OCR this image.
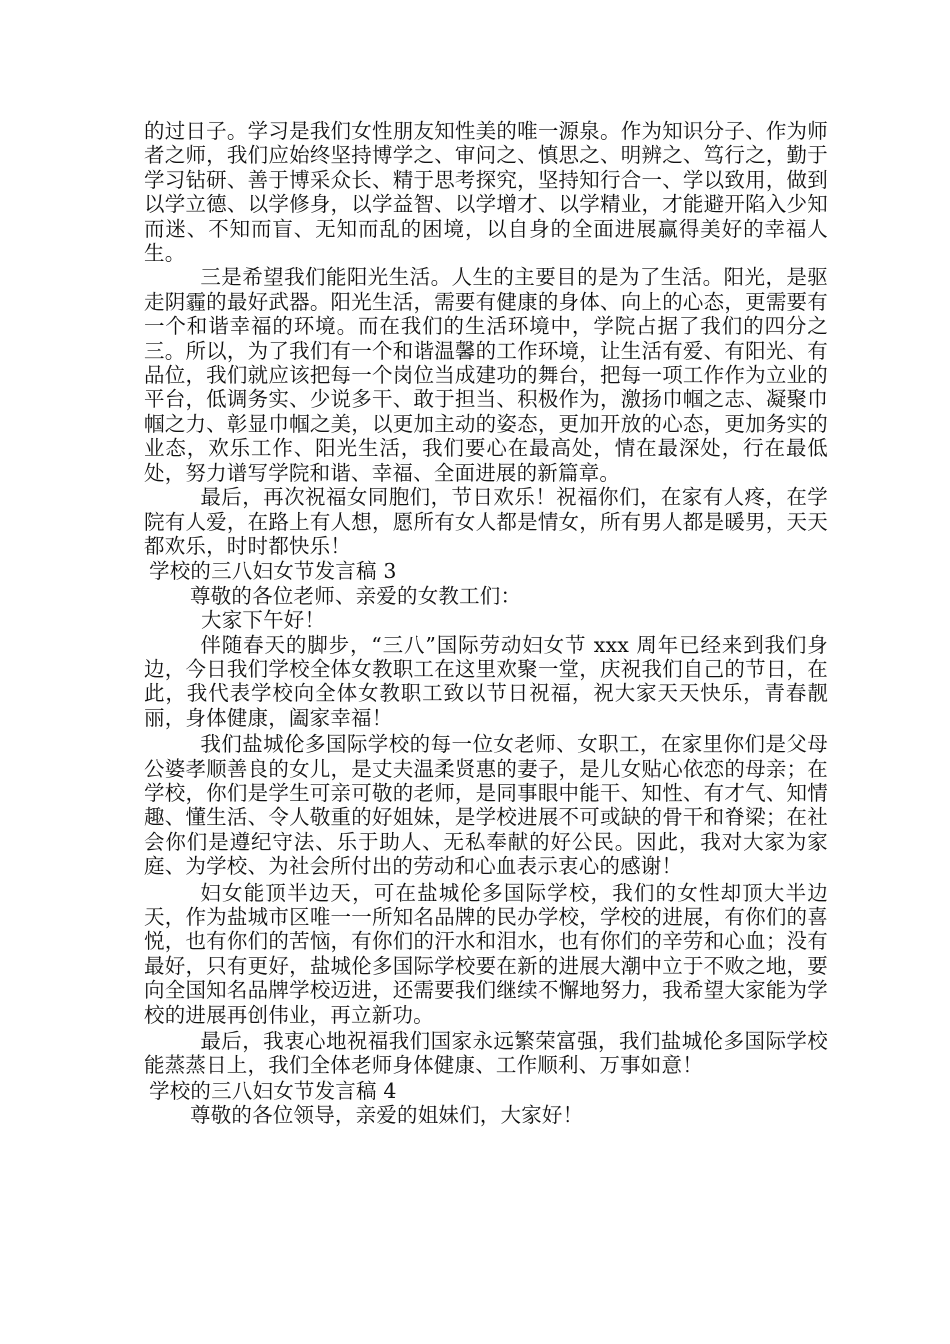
的过日子。学习是我们女性朋友知性美的唯一源泉。作为知识分子、作为师者之师，我们应始终坚持博学之、审问之、慎思之、明辨之、笃行之，勤于学习钻研、善于博采众长、精于思考探究，坚持知行合一、学以致用，做到以学立德、以学修身，以学益智、以学增才、以学精业，才能避开陷入少知而迷、不知而盲、无知而乱的困境，以自身的全面进展赢得美好的幸福人生。

三是希望我们能阳光生活。人生的主要目的是为了生活。阳光，是驱走阴霾的最好武器。阳光生活，需要有健康的身体、向上的心态，更需要有一个和谐幸福的环境。而在我们的生活环境中，学院占据了我们的四分之三。所以，为了我们有一个和谐温馨的工作环境，让生活有爱、有阳光、有品位，我们就应该把每一个岗位当成建功的舞台，把每一项工作作为立业的平台，低调务实、少说多干、敢于担当、积极作为，激扬巾帼之志、凝聚巾帼之力、彰显巾帼之美，以更加主动的姿态，更加开放的心态，更加务实的业态，欢乐工作、阳光生活，我们要心在最高处，情在最深处，行在最低处，努力谱写学院和谐、幸福、全面进展的新篇章。

最后，再次祝福女同胞们，节日欢乐！祝福你们，在家有人疼，在学院有人爱，在路上有人想，愿所有女人都是情女，所有男人都是暖男，天天都欢乐，时时都快乐！

学校的三八妇女节发言稿 3

尊敬的各位老师、亲爱的女教工们：

大家下午好！

伴随春天的脚步，“三八”国际劳动妇女节 xxx 周年已经来到我们身边，今日我们学校全体女教职工在这里欢聚一堂，庆祝我们自己的节日，在此，我代表学校向全体女教职工致以节日祝福，祝大家天天快乐，青春靓丽，身体健康，阖家幸福！

我们盐城伦多国际学校的每一位女老师、女职工，在家里你们是父母公婆孝顺善良的女儿，是丈夫温柔贤惠的妻子，是儿女贴心依恋的母亲；在学校，你们是学生可亲可敬的老师，是同事眼中能干、知性、有才气、知情趣、懂生活、令人敬重的好姐妹，是学校进展不可或缺的骨干和脊梁；在社会你们是遵纪守法、乐于助人、无私奉献的好公民。因此，我对大家为家庭、为学校、为社会所付出的劳动和心血表示衷心的感谢！

妇女能顶半边天，可在盐城伦多国际学校，我们的女性却顶大半边天，作为盐城市区唯一一所知名品牌的民办学校，学校的进展，有你们的喜悦，也有你们的苦恼，有你们的汗水和泪水，也有你们的辛劳和心血；没有最好，只有更好，盐城伦多国际学校要在新的进展大潮中立于不败之地，要向全国知名品牌学校迈进，还需要我们继续不懈地努力，我希望大家能为学校的进展再创伟业，再立新功。

最后，我衷心地祝福我们国家永远繁荣富强，我们盐城伦多国际学校能蒸蒸日上，我们全体老师身体健康、工作顺利、万事如意！

学校的三八妇女节发言稿 4

尊敬的各位领导，亲爱的姐妹们，大家好！
